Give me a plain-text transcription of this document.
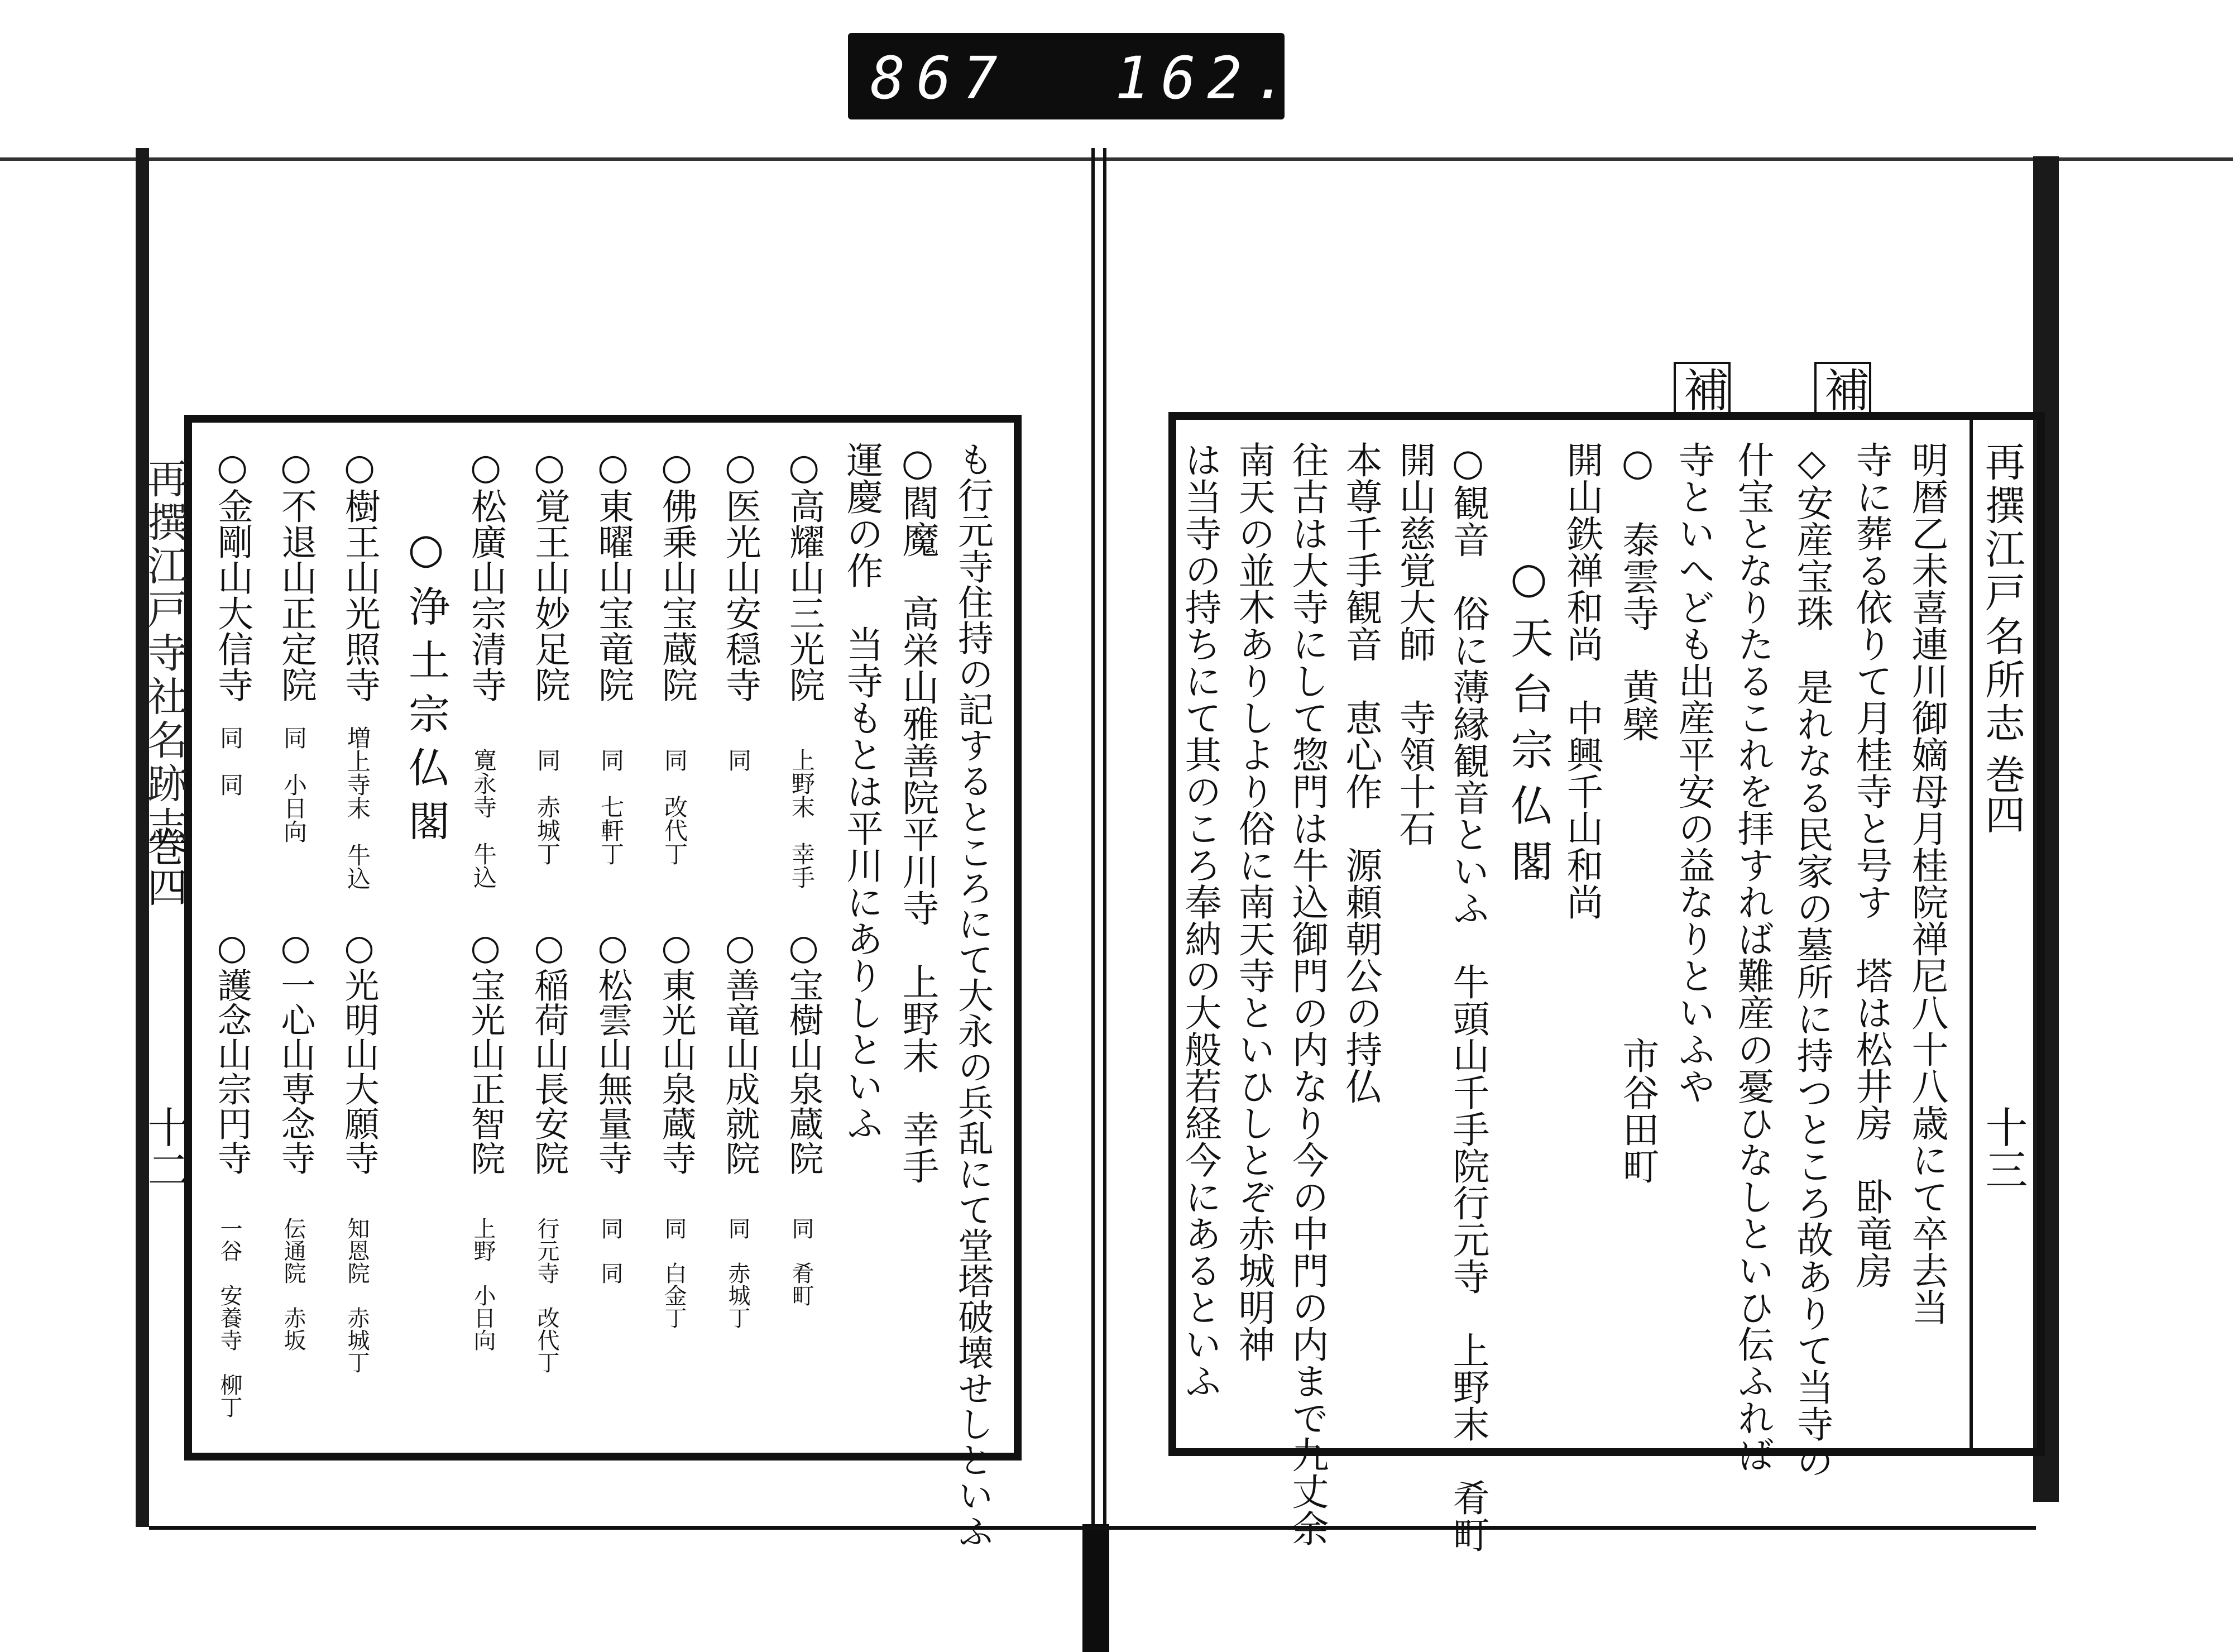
867 162.
再撰江戸名所志
巻四
十三
補
補
明暦乙未喜連川御嫡母月桂院禅尼八十八歳にて卒去当
寺に葬る依りて月桂寺と号す　塔は松井房　卧竜房
◇安産宝珠　是れなる民家の墓所に持つところ故ありて当寺の
什宝となりたるこれを拝すれば難産の憂ひなしといひ伝ふれば
寺といへども出産平安の益なりといふや
○　泰雲寺　黄檗　　　　　　　　市谷田町
開山鉄禅和尚　中興千山和尚
○天台宗仏閣
○観音　俗に薄縁観音といふ　牛頭山千手院行元寺　上野末　肴町
開山慈覚大師　寺領十石
本尊千手観音　恵心作　源頼朝公の持仏
往古は大寺にして惣門は牛込御門の内なり今の中門の内まで九丈余
南天の並木ありしより俗に南天寺といひしとぞ赤城明神
は当寺の持ちにて其のころ奉納の大般若経今にあるといふ
再撰江戸寺社名跡志
巻四
十二	も行元寺住持の記するところにて大永の兵乱にて堂塔破壊せしといふ
○閻魔　高栄山雅善院平川寺　上野末　幸手
運慶の作　当寺もとは平川にありしといふ
○高耀山三光院
上野末　幸手
○医光山安穏寺
同
○佛乗山宝蔵院
同　改代丁
○東曜山宝竜院
同　七軒丁
○覚王山妙足院
同　赤城丁
○松廣山宗清寺
寛永寺　牛込
○宝樹山泉蔵院
同　肴町
○善竜山成就院
同　赤城丁
○東光山泉蔵寺
同　白金丁
○松雲山無量寺
同　同
○稲荷山長安院
行元寺　改代丁
○宝光山正智院
上野　小日向
○浄土宗仏閣
○樹王山光照寺
増上寺末　牛込
○不退山正定院
同　小日向
○金剛山大信寺
同　同
○光明山大願寺
知恩院　赤城丁
○一心山専念寺
伝通院　赤坂
○護念山宗円寺
一谷　安養寺　柳丁
